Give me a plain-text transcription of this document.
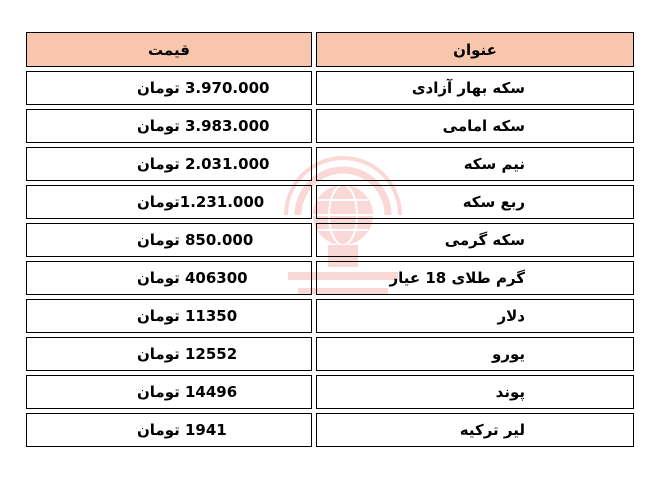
عنوان	قیمت
سکه بهار آزادی	3.970.000 تومان
سکه امامی	3.983.000 تومان
نیم سکه	2.031.000 تومان
ربع سکه	1.231.000تومان
سکه گرمی	850.000 تومان
گرم طلای 18 عیار	406300 تومان
دلار	11350 تومان
یورو	12552 تومان
پوند	14496 تومان
لیر ترکیه	1941 تومان
